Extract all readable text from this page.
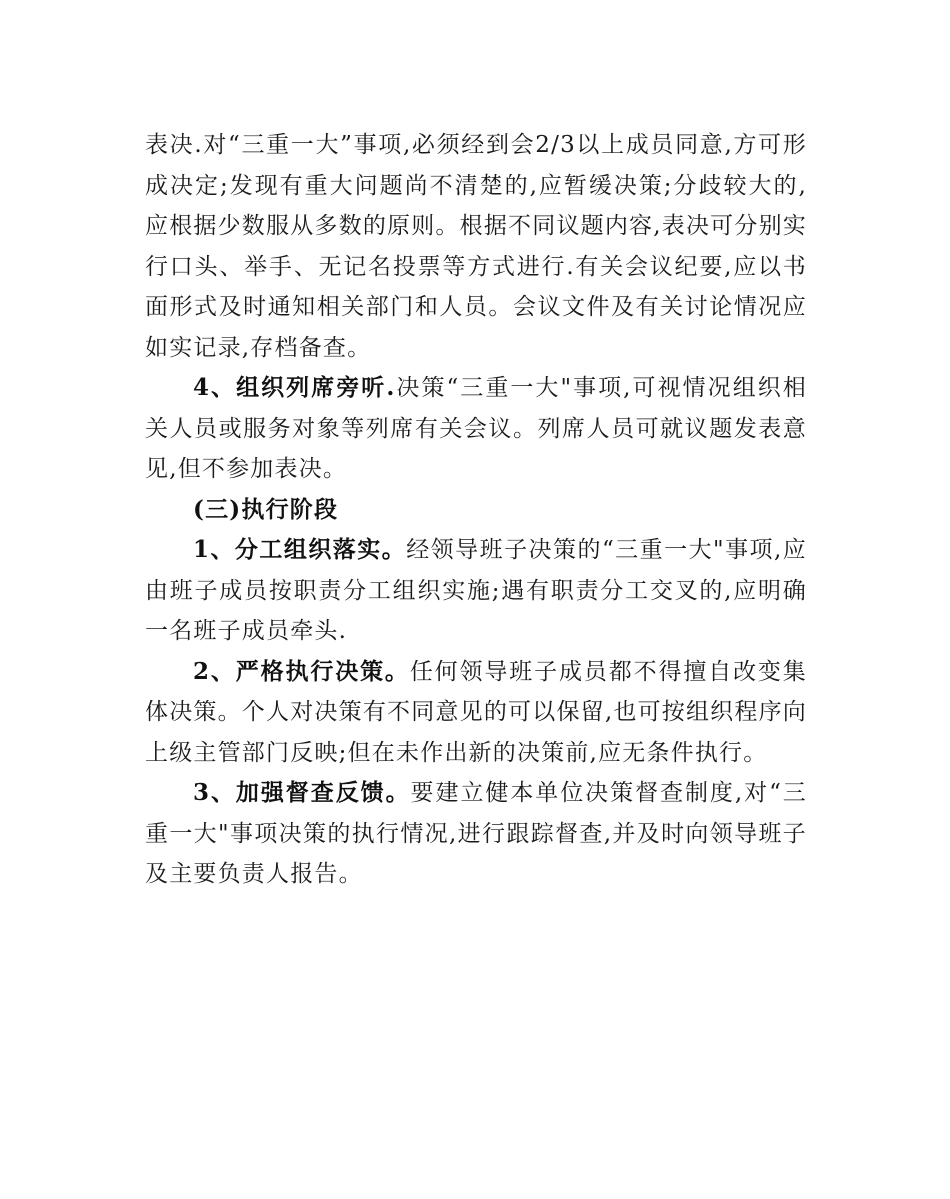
表决.对“三重一大”事项,必须经到会2/3以上成员同意,方可形成决定;发现有重大问题尚不清楚的,应暂缓决策;分歧较大的,应根据少数服从多数的原则。根据不同议题内容,表决可分别实行口头、举手、无记名投票等方式进行.有关会议纪要,应以书面形式及时通知相关部门和人员。会议文件及有关讨论情况应如实记录,存档备查。

4、组织列席旁听.决策“三重一大"事项,可视情况组织相关人员或服务对象等列席有关会议。列席人员可就议题发表意见,但不参加表决。

(三)执行阶段

1、分工组织落实。经领导班子决策的“三重一大"事项,应由班子成员按职责分工组织实施;遇有职责分工交叉的,应明确一名班子成员牵头.

2、严格执行决策。任何领导班子成员都不得擅自改变集体决策。个人对决策有不同意见的可以保留,也可按组织程序向上级主管部门反映;但在未作出新的决策前,应无条件执行。

3、加强督查反馈。要建立健本单位决策督查制度,对“三重一大"事项决策的执行情况,进行跟踪督查,并及时向领导班子及主要负责人报告。
